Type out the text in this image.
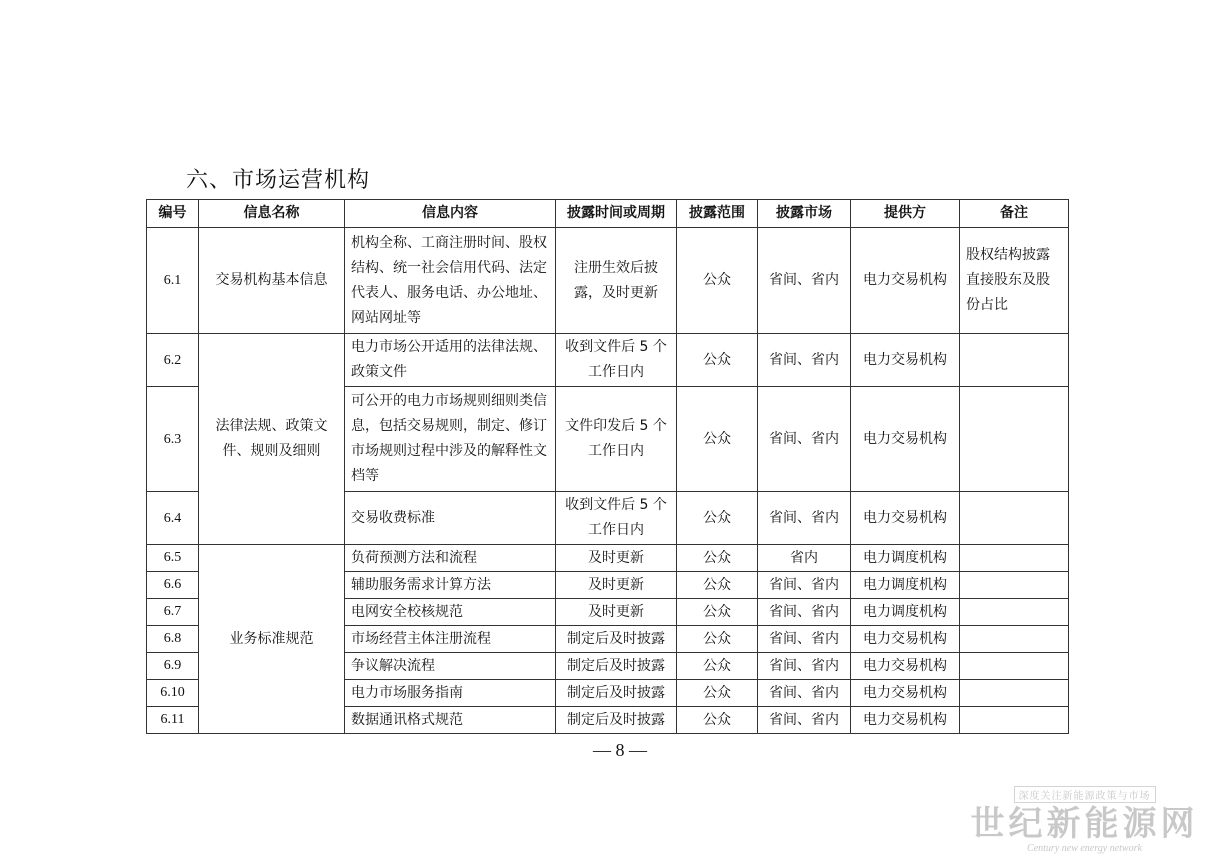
六、市场运营机构
编号	信息名称	信息内容	披露时间或周期	披露范围	披露市场	提供方	备注
6.1	交易机构基本信息	机构全称、工商注册时间、股权结构、统一社会信用代码、法定代表人、服务电话、办公地址、网站网址等	注册生效后披露，及时更新	公众	省间、省内	电力交易机构	股权结构披露直接股东及股份占比
6.2	法律法规、政策文件、规则及细则	电力市场公开适用的法律法规、政策文件	收到文件后 5 个工作日内	公众	省间、省内	电力交易机构	
6.3		可公开的电力市场规则细则类信息，包括交易规则，制定、修订市场规则过程中涉及的解释性文档等	文件印发后 5 个工作日内	公众	省间、省内	电力交易机构	
6.4		交易收费标准	收到文件后 5 个工作日内	公众	省间、省内	电力交易机构	
6.5	业务标准规范	负荷预测方法和流程	及时更新	公众	省内	电力调度机构	
6.6		辅助服务需求计算方法	及时更新	公众	省间、省内	电力调度机构	
6.7		电网安全校核规范	及时更新	公众	省间、省内	电力调度机构	
6.8		市场经营主体注册流程	制定后及时披露	公众	省间、省内	电力交易机构	
6.9		争议解决流程	制定后及时披露	公众	省间、省内	电力交易机构	
6.10		电力市场服务指南	制定后及时披露	公众	省间、省内	电力交易机构	
6.11		数据通讯格式规范	制定后及时披露	公众	省间、省内	电力交易机构	
— 8 —
深度关注新能源政策与市场
世纪新能源网
Century new energy network
